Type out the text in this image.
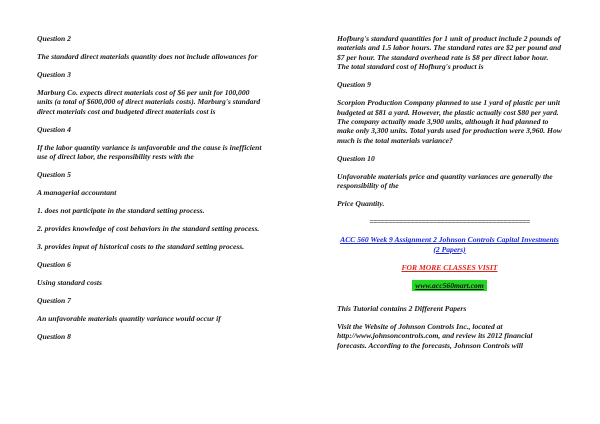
Question 2

The standard direct materials quantity does not include allowances for

Question 3

Marburg Co. expects direct materials cost of $6 per unit for 100,000 units (a total of $600,000 of direct materials costs). Marburg's standard direct materials cost and budgeted direct materials cost is

Question 4

If the labor quantity variance is unfavorable and the cause is inefficient use of direct labor, the responsibility rests with the

Question 5

A managerial accountant

1. does not participate in the standard setting process.

2. provides knowledge of cost behaviors in the standard setting process.

3. provides input of historical costs to the standard setting process.

Question 6

Using standard costs

Question 7

An unfavorable materials quantity variance would occur if

Question 8

Hofburg's standard quantities for 1 unit of product include 2 pounds of materials and 1.5 labor hours. The standard rates are $2 per pound and $7 per hour. The standard overhead rate is $8 per direct labor hour. The total standard cost of Hofburg's product is

Question 9

Scorpion Production Company planned to use 1 yard of plastic per unit budgeted at $81 a yard. However, the plastic actually cost $80 per yard. The company actually made 3,900 units, although it had planned to make only 3,300 units. Total yards used for production were 3,960. How much is the total materials variance?

Question 10

Unfavorable materials price and quantity variances are generally the responsibility of the

Price Quantity.

===========================================

ACC 560 Week 9 Assignment 2 Johnson Controls Capital Investments (2 Papers)

FOR MORE CLASSES VISIT

www.acc560mart.com

This Tutorial contains 2 Different Papers

Visit the Website of Johnson Controls Inc., located at http://www.johnsoncontrols.com, and review its 2012 financial forecasts. According to the forecasts, Johnson Controls will
